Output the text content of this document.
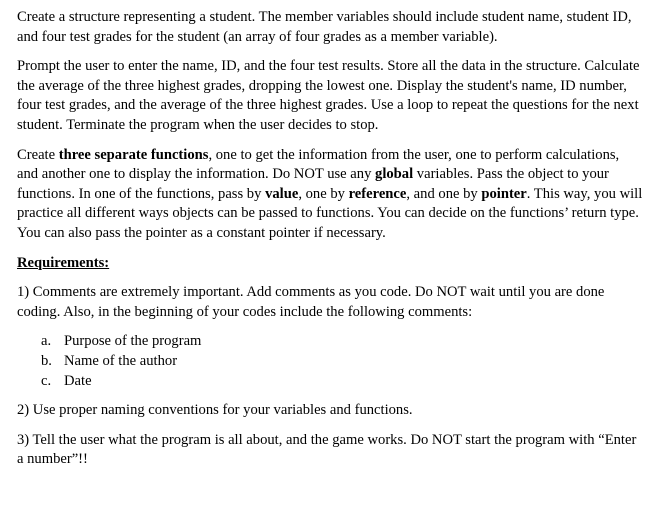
Create a structure representing a student. The member variables should include student name, student ID, and four test grades for the student (an array of four grades as a member variable).

Prompt the user to enter the name, ID, and the four test results. Store all the data in the structure. Calculate the average of the three highest grades, dropping the lowest one. Display the student's name, ID number, four test grades, and the average of the three highest grades. Use a loop to repeat the questions for the next student. Terminate the program when the user decides to stop.

Create three separate functions, one to get the information from the user, one to perform calculations, and another one to display the information. Do NOT use any global variables. Pass the object to your functions. In one of the functions, pass by value, one by reference, and one by pointer. This way, you will practice all different ways objects can be passed to functions. You can decide on the functions’ return type. You can also pass the pointer as a constant pointer if necessary.

Requirements:

1) Comments are extremely important. Add comments as you code. Do NOT wait until you are done coding. Also, in the beginning of your codes include the following comments:

a. Purpose of the program
b. Name of the author
c. Date

2) Use proper naming conventions for your variables and functions.

3) Tell the user what the program is all about, and the game works. Do NOT start the program with “Enter a number”!!
